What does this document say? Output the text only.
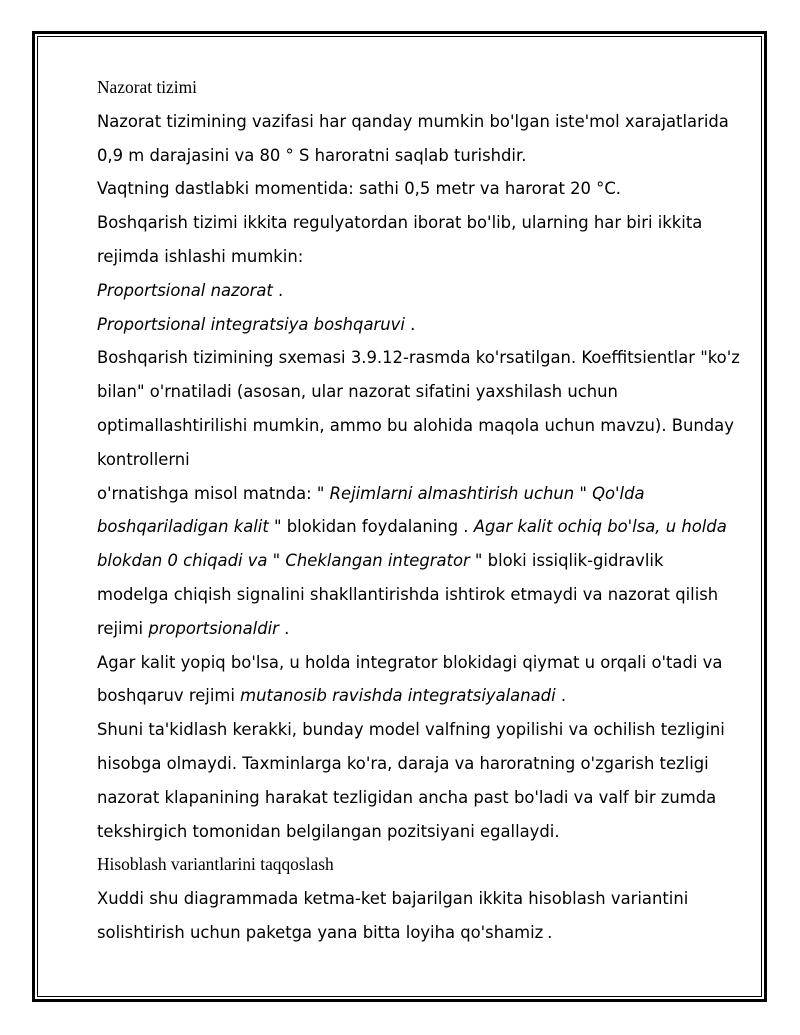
Nazorat tizimi
Nazorat tizimining vazifasi har qanday mumkin bo'lgan iste'mol xarajatlarida
0,9 m darajasini va 80 ° S haroratni saqlab turishdir.
Vaqtning dastlabki momentida: sathi 0,5 metr va harorat 20 °C.
Boshqarish tizimi ikkita regulyatordan iborat bo'lib, ularning har biri ikkita
rejimda ishlashi mumkin:
Proportsional nazorat .
Proportsional integratsiya boshqaruvi .
Boshqarish tizimining sxemasi 3.9.12-rasmda ko'rsatilgan. Koeffitsientlar "ko'z
bilan" o'rnatiladi (asosan, ular nazorat sifatini yaxshilash uchun
optimallashtirilishi mumkin, ammo bu alohida maqola uchun mavzu). Bunday
kontrollerni
o'rnatishga misol matnda: " Rejimlarni almashtirish uchun " Qo'lda
boshqariladigan kalit " blokidan foydalaning . Agar kalit ochiq bo'lsa, u holda
blokdan 0 chiqadi va " Cheklangan integrator " bloki issiqlik-gidravlik
modelga chiqish signalini shakllantirishda ishtirok etmaydi va nazorat qilish
rejimi proportsionaldir .
Agar kalit yopiq bo'lsa, u holda integrator blokidagi qiymat u orqali o'tadi va
boshqaruv rejimi mutanosib ravishda integratsiyalanadi .
Shuni ta'kidlash kerakki, bunday model valfning yopilishi va ochilish tezligini
hisobga olmaydi. Taxminlarga ko'ra, daraja va haroratning o'zgarish tezligi
nazorat klapanining harakat tezligidan ancha past bo'ladi va valf bir zumda
tekshirgich tomonidan belgilangan pozitsiyani egallaydi.
Hisoblash variantlarini taqqoslash
Xuddi shu diagrammada ketma-ket bajarilgan ikkita hisoblash variantini
solishtirish uchun paketga yana bitta loyiha qo'shamiz .
